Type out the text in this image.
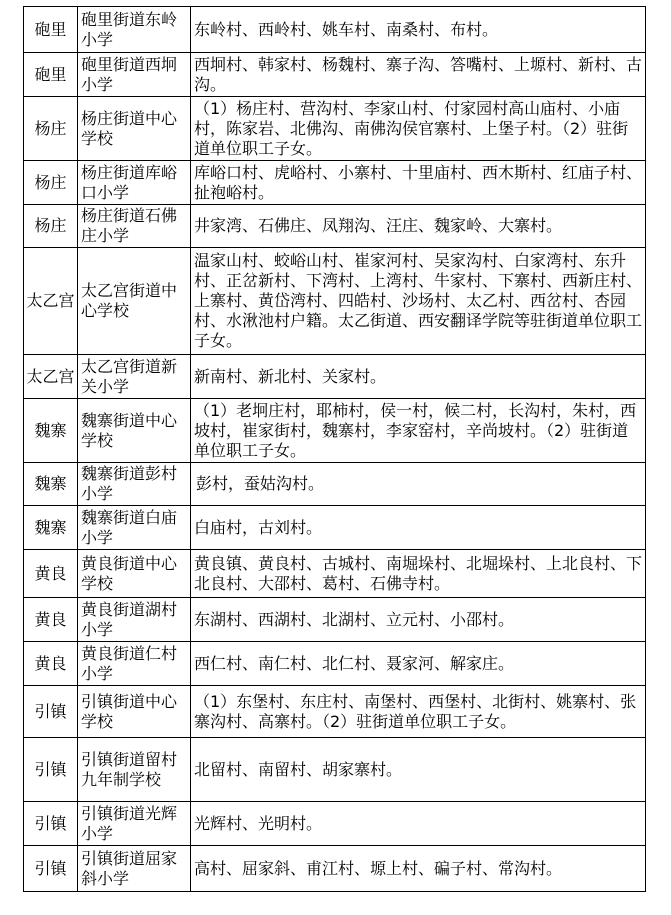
砲里	砲里街道东岭小学	东岭村、西岭村、姚车村、南桑村、布村。
砲里	砲里街道西坰小学	西坰村、韩家村、杨魏村、寨子沟、答嘴村、上塬村、新村、古沟。
杨庄	杨庄街道中心学校	（1）杨庄村、营沟村、李家山村、付家园村高山庙村、小庙村，陈家岩、北佛沟、南佛沟侯官寨村、上堡子村。（2）驻街道单位职工子女。
杨庄	杨庄街道库峪口小学	库峪口村、虎峪村、小寨村、十里庙村、西木斯村、红庙子村、扯袍峪村。
杨庄	杨庄街道石佛庄小学	井家湾、石佛庄、凤翔沟、汪庄、魏家岭、大寨村。
太乙宫	太乙宫街道中心学校	温家山村、蛟峪山村、崔家河村、吴家沟村、白家湾村、东升村、正岔新村、下湾村、上湾村、牛家村、下寨村、西新庄村、上寨村、黄岱湾村、四皓村、沙场村、太乙村、西岔村、杏园村、水湫池村户籍。太乙街道、西安翻译学院等驻街道单位职工子女。
太乙宫	太乙宫街道新关小学	新南村、新北村、关家村。
魏寨	魏寨街道中心学校	（1）老坰庄村，耶柿村，侯一村，候二村，长沟村，朱村，西坡村，崔家街村，魏寨村，李家窑村，辛尚坡村。（2）驻街道单位职工子女。
魏寨	魏寨街道彭村小学	彭村，蚕姑沟村。
魏寨	魏寨街道白庙小学	白庙村，古刘村。
黄良	黄良街道中心学校	黄良镇、黄良村、古城村、南堀垛村、北堀垛村、上北良村、下北良村、大邵村、葛村、石佛寺村。
黄良	黄良街道湖村小学	东湖村、西湖村、北湖村、立元村、小邵村。
黄良	黄良街道仁村小学	西仁村、南仁村、北仁村、聂家河、解家庄。
引镇	引镇街道中心学校	（1）东堡村、东庄村、南堡村、西堡村、北街村、姚寨村、张寨沟村、高寨村。（2）驻街道单位职工子女。
引镇	引镇街道留村九年制学校	北留村、南留村、胡家寨村。
引镇	引镇街道光辉小学	光辉村、光明村。
引镇	引镇街道屈家斜小学	高村、屈家斜、甫江村、塬上村、碥子村、常沟村。
